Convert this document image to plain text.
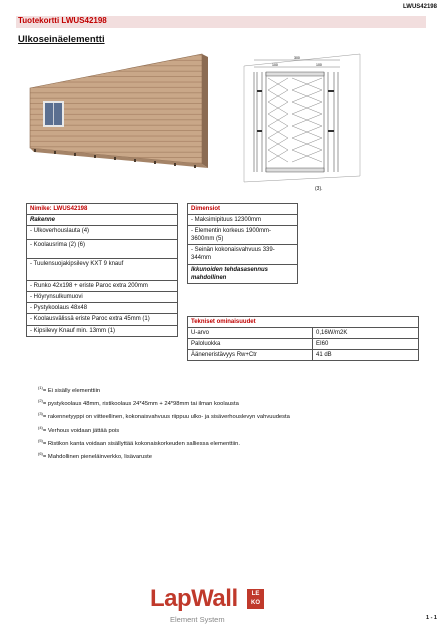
LWUS42198
Tuotekortti LWUS42198
Ulkoseinäelementti
300
100	100
(3).
Nimike: LWUS42198
Rakenne
- Ulkoverhouslauta (4)
- Koolausrima (2) (6)
- Tuulensuojakipsilevy KXT 9 knauf
- Runko 42x198 + eriste Paroc extra 200mm
- Höyrynsulkumuovi
- Pystykoolaus 48x48
- Koolausvälissä eriste Paroc extra 45mm (1)
- Kipsilevy Knauf min. 13mm (1)
Dimensiot	
- Maksimipituus 12300mm	
- Elementin korkeus 1900mm-3600mm (5)	
- Seinän kokonaisvahvuus 339-344mm	
Ikkunoiden tehdasasennus mahdollinen	
Tekniset ominaisuudet	
U-arvo	0,16W/m2K
Paloluokka	EI60
Ääneneristävyys Rw+Ctr	41 dB
$^{(1)}$= Ei sisälly elementtiin
$^{(2)}$= pystykoolaus 48mm, ristikoolaus 24*45mm + 24*98mm tai ilman koolausta
$^{(3)}$= rakennetyyppi on viitteellinen, kokonaisvahvuus riippuu ulko- ja sisäverhouslevyn vahvuudesta
$^{(4)}$= Verhous voidaan jättää pois
$^{(5)}$= Ristikon kanta voidaan sisällyttää kokonaiskorkeuden salliessa elementtiin.
$^{(6)}$= Mahdollinen pieneläinverkko, lisävaruste
LapWall	LE KO
Element System	1 - 1
